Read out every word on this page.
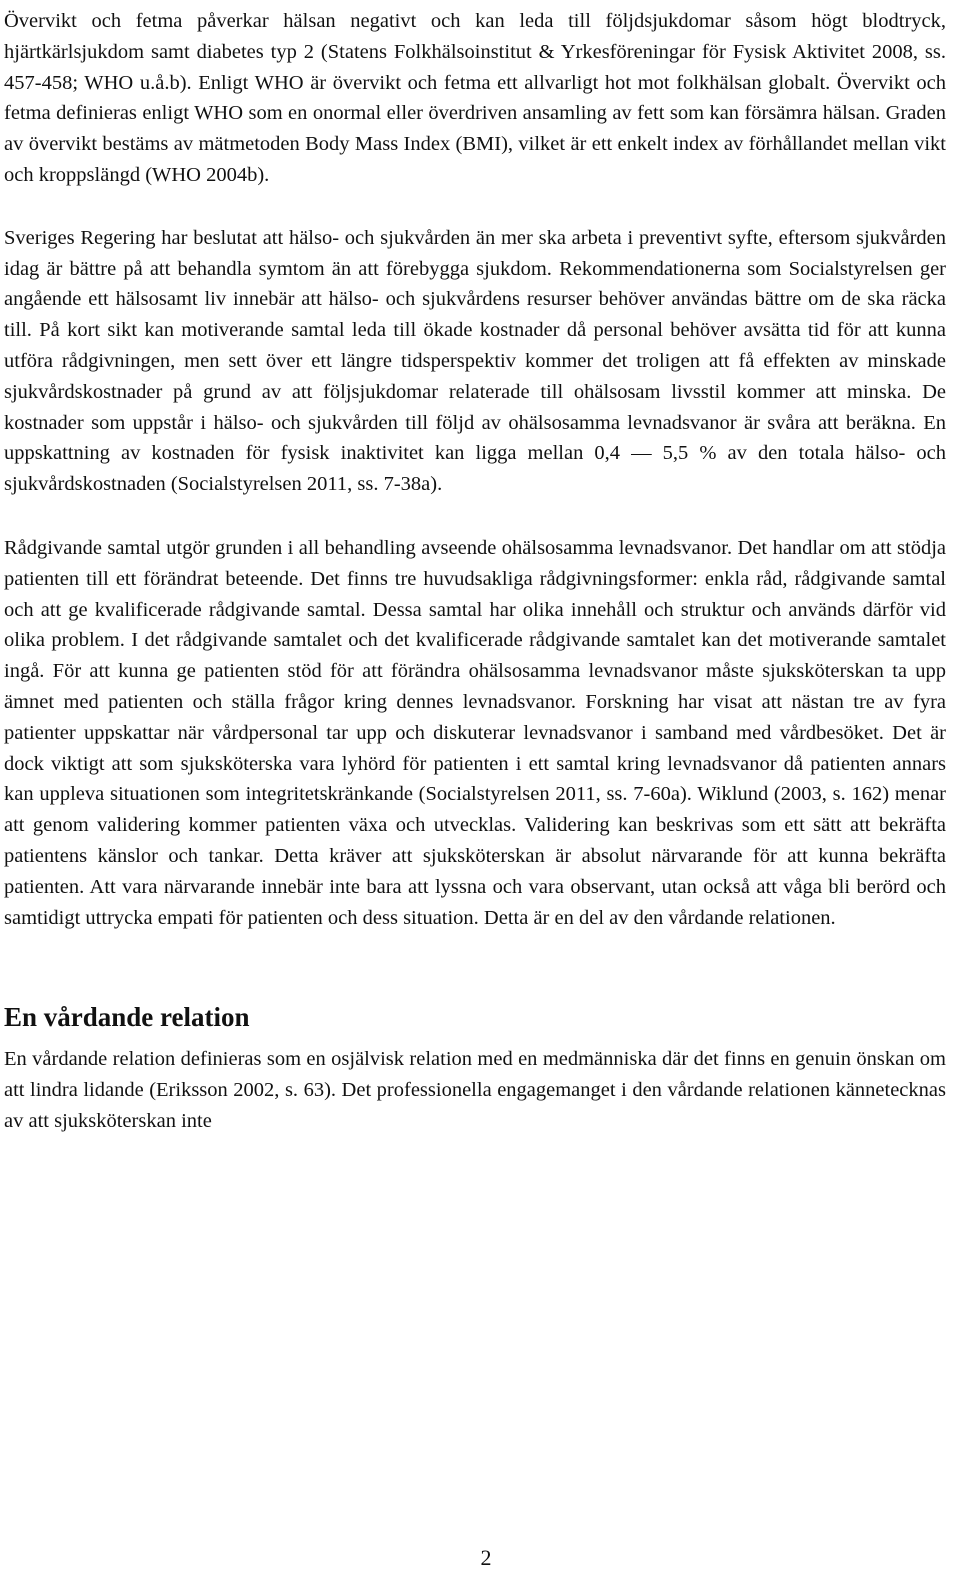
Övervikt och fetma påverkar hälsan negativt och kan leda till följdsjukdomar såsom högt blodtryck, hjärtkärlsjukdom samt diabetes typ 2 (Statens Folkhälsoinstitut & Yrkesföreningar för Fysisk Aktivitet 2008, ss. 457-458; WHO u.å.b). Enligt WHO är övervikt och fetma ett allvarligt hot mot folkhälsan globalt. Övervikt och fetma definieras enligt WHO som en onormal eller överdriven ansamling av fett som kan försämra hälsan. Graden av övervikt bestäms av mätmetoden Body Mass Index (BMI), vilket är ett enkelt index av förhållandet mellan vikt och kroppslängd (WHO 2004b).

Sveriges Regering har beslutat att hälso- och sjukvården än mer ska arbeta i preventivt syfte, eftersom sjukvården idag är bättre på att behandla symtom än att förebygga sjukdom. Rekommendationerna som Socialstyrelsen ger angående ett hälsosamt liv innebär att hälso- och sjukvårdens resurser behöver användas bättre om de ska räcka till. På kort sikt kan motiverande samtal leda till ökade kostnader då personal behöver avsätta tid för att kunna utföra rådgivningen, men sett över ett längre tidsperspektiv kommer det troligen att få effekten av minskade sjukvårdskostnader på grund av att följsjukdomar relaterade till ohälsosam livsstil kommer att minska. De kostnader som uppstår i hälso- och sjukvården till följd av ohälsosamma levnadsvanor är svåra att beräkna. En uppskattning av kostnaden för fysisk inaktivitet kan ligga mellan 0,4 — 5,5 % av den totala hälso- och sjukvårdskostnaden (Socialstyrelsen 2011, ss. 7-38a).

Rådgivande samtal utgör grunden i all behandling avseende ohälsosamma levnadsvanor. Det handlar om att stödja patienten till ett förändrat beteende. Det finns tre huvudsakliga rådgivningsformer: enkla råd, rådgivande samtal och att ge kvalificerade rådgivande samtal. Dessa samtal har olika innehåll och struktur och används därför vid olika problem. I det rådgivande samtalet och det kvalificerade rådgivande samtalet kan det motiverande samtalet ingå. För att kunna ge patienten stöd för att förändra ohälsosamma levnadsvanor måste sjuksköterskan ta upp ämnet med patienten och ställa frågor kring dennes levnadsvanor. Forskning har visat att nästan tre av fyra patienter uppskattar när vårdpersonal tar upp och diskuterar levnadsvanor i samband med vårdbesöket. Det är dock viktigt att som sjuksköterska vara lyhörd för patienten i ett samtal kring levnadsvanor då patienten annars kan uppleva situationen som integritetskränkande (Socialstyrelsen 2011, ss. 7-60a). Wiklund (2003, s. 162) menar att genom validering kommer patienten växa och utvecklas. Validering kan beskrivas som ett sätt att bekräfta patientens känslor och tankar. Detta kräver att sjuksköterskan är absolut närvarande för att kunna bekräfta patienten. Att vara närvarande innebär inte bara att lyssna och vara observant, utan också att våga bli berörd och samtidigt uttrycka empati för patienten och dess situation. Detta är en del av den vårdande relationen.

En vårdande relation

En vårdande relation definieras som en osjälvisk relation med en medmänniska där det finns en genuin önskan om att lindra lidande (Eriksson 2002, s. 63). Det professionella engagemanget i den vårdande relationen kännetecknas av att sjuksköterskan inte

2
